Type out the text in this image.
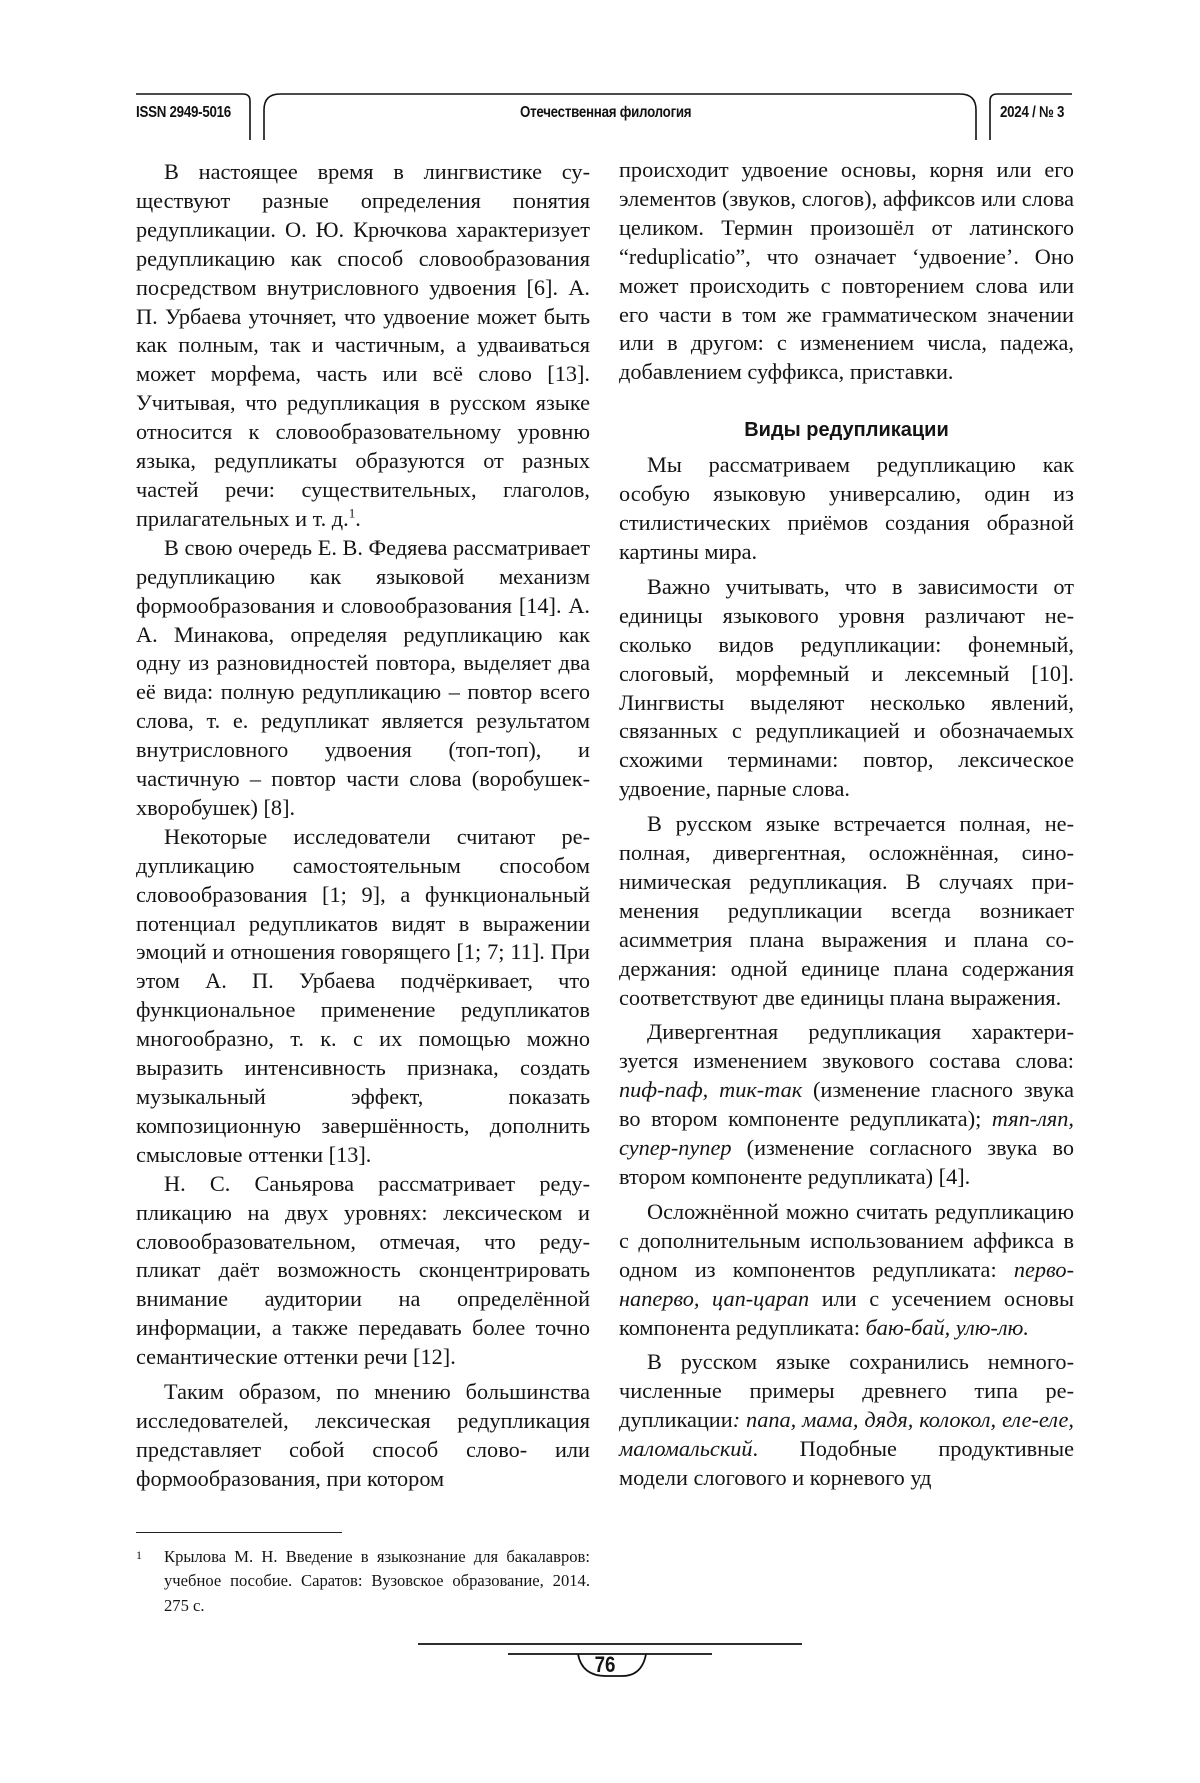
ISSN 2949-5016	Отечественная филология	2024 / № 3

В настоящее время в лингвистике существуют разные определения понятия редупликации. О. Ю. Крючкова характеризует редупликацию как способ словообразования посредством внутрисловного удвоения [6]. А. П. Урбаева уточняет, что удвоение может быть как полным, так и частичным, а удваиваться может морфема, часть или всё слово [13]. Учитывая, что редупликация в русском языке относится к словообразовательному уровню языка, редупликаты образуются от разных частей речи: существительных, глаголов, прилагательных и т. д.$^1$.

В свою очередь Е. В. Федяева рассматривает редупликацию как языковой механизм формообразования и словообразования [14]. А. А. Минакова, определяя редупликацию как одну из разновидностей повтора, выделяет два её вида: полную редупликацию – повтор всего слова, т. е. редупликат является результатом внутрисловного удвоения (топ-топ), и частичную – повтор части слова (воробушек-хворобушек) [8].

Некоторые исследователи считают редупликацию самостоятельным способом словообразования [1; 9], а функциональный потенциал редупликатов видят в выражении эмоций и отношения говорящего [1; 7; 11]. При этом А. П. Урбаева подчёркивает, что функциональное применение редупликатов многообразно, т. к. с их помощью можно выразить интенсивность признака, создать музыкальный эффект, показать композиционную завершённость, дополнить смысловые оттенки [13].

Н. С. Саньярова рассматривает редупликацию на двух уровнях: лексическом и словообразовательном, отмечая, что редупликат даёт возможность сконцентрировать внимание аудитории на определённой информации, а также передавать более точно семантические оттенки речи [12].

Таким образом, по мнению большинства исследователей, лексическая редупликация представляет собой способ слово- или формообразования, при котором

происходит удвоение основы, корня или его элементов (звуков, слогов), аффиксов или слова целиком. Термин произошёл от латинского “reduplicatio”, что означает ‘удвоение’. Оно может происходить с повторением слова или его части в том же грамматическом значении или в другом: с изменением числа, падежа, добавлением суффикса, приставки.

Виды редупликации

Мы рассматриваем редупликацию как особую языковую универсалию, один из стилистических приёмов создания образной картины мира.

Важно учитывать, что в зависимости от единицы языкового уровня различают несколько видов редупликации: фонемный, слоговый, морфемный и лексемный [10]. Лингвисты выделяют несколько явлений, связанных с редупликацией и обозначаемых схожими терминами: повтор, лексическое удвоение, парные слова.

В русском языке встречается полная, неполная, дивергентная, осложнённая, синонимическая редупликация. В случаях применения редупликации всегда возникает асимметрия плана выражения и плана содержания: одной единице плана содержания соответствуют две единицы плана выражения.

Дивергентная редупликация характеризуется изменением звукового состава слова: пиф-паф, тик-так (изменение гласного звука во втором компоненте редупликата); тяп-ляп, супер-пупер (изменение согласного звука во втором компоненте редупликата) [4].

Осложнённой можно считать редупликацию с дополнительным использованием аффикса в одном из компонентов редупликата: перво-наперво, цап-царап или с усечением основы компонента редупликата: баю-бай, улю-лю.

В русском языке сохранились немногочисленные примеры древнего типа редупликации: папа, мама, дядя, колокол, еле-еле, маломальский. Подобные продуктивные модели слогового и корневого уд

1	Крылова М. Н. Введение в языкознание для бакалавров: учебное пособие. Саратов: Вузовское образование, 2014. 275 с.
76
